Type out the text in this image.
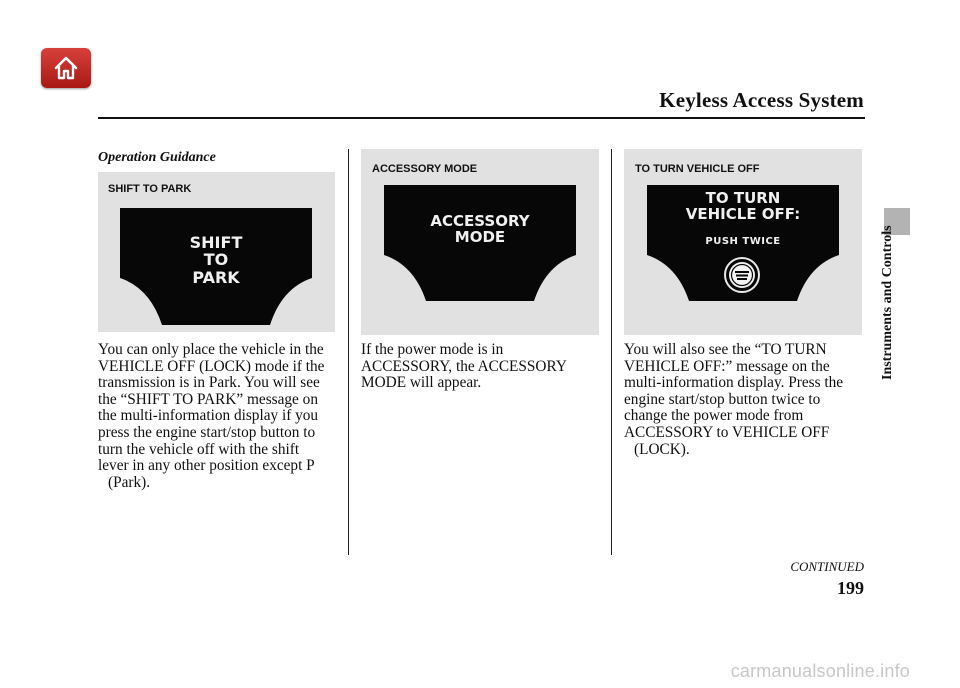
Keyless Access System
Instruments and Controls
Operation Guidance
SHIFT TO PARK
SHIFT
TO
PARK
You can only place the vehicle in the
VEHICLE OFF (LOCK) mode if the
transmission is in Park. You will see
the “SHIFT TO PARK” message on
the multi-information display if you
press the engine start/stop button to
turn the vehicle off with the shift
lever in any other position except P
(Park).
ACCESSORY MODE
ACCESSORY
MODE
If the power mode is in
ACCESSORY, the ACCESSORY
MODE will appear.
TO TURN VEHICLE OFF
TO TURN
VEHICLE OFF:
PUSH TWICE
You will also see the “TO TURN
VEHICLE OFF:” message on the
multi-information display. Press the
engine start/stop button twice to
change the power mode from
ACCESSORY to VEHICLE OFF
(LOCK).
CONTINUED
199
carmanualsonline.info
